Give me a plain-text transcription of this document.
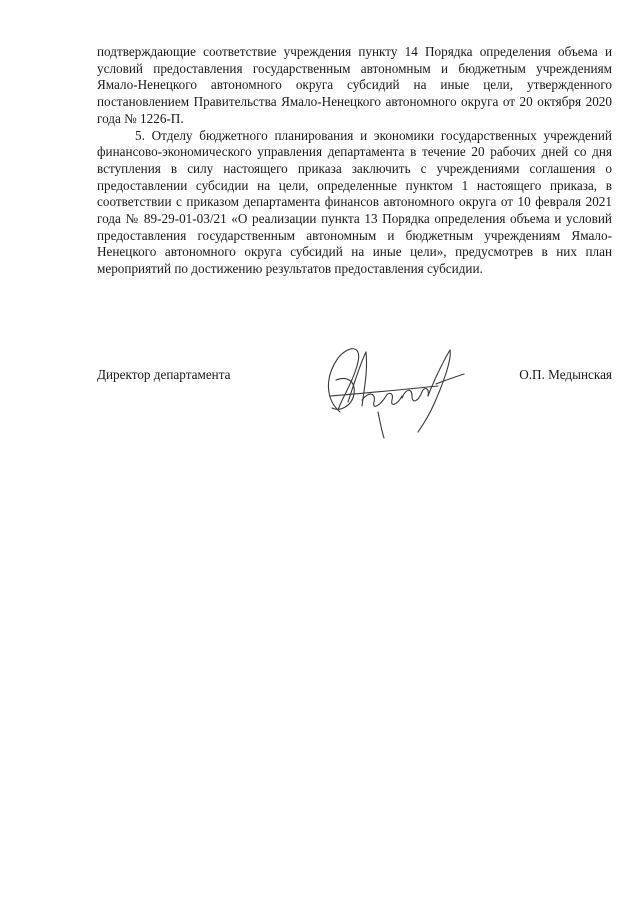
подтверждающие соответствие учреждения пункту 14 Порядка определения объема и условий предоставления государственным автономным и бюджетным учреждениям Ямало-Ненецкого автономного округа субсидий на иные цели, утвержденного постановлением Правительства Ямало-Ненецкого автономного округа от 20 октября 2020 года № 1226-П.

5. Отделу бюджетного планирования и экономики государственных учреждений финансово-экономического управления департамента в течение 20 рабочих дней со дня вступления в силу настоящего приказа заключить с учреждениями соглашения о предоставлении субсидии на цели, определенные пунктом 1 настоящего приказа, в соответствии с приказом департамента финансов автономного округа от 10 февраля 2021 года № 89-29-01-03/21 «О реализации пункта 13 Порядка определения объема и условий предоставления государственным автономным и бюджетным учреждениям Ямало-Ненецкого автономного округа субсидий на иные цели», предусмотрев в них план мероприятий по достижению результатов предоставления субсидии.

Директор департамента	О.П. Медынская
